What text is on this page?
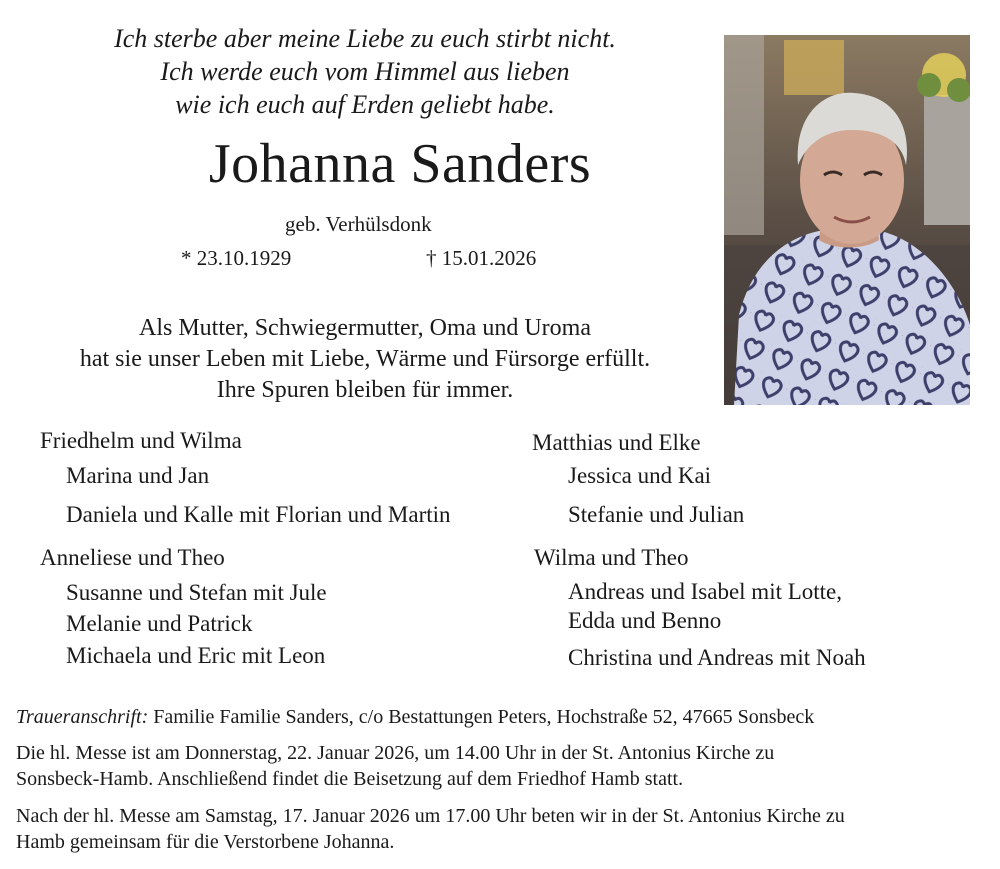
Ich sterbe aber meine Liebe zu euch stirbt nicht.
Ich werde euch vom Himmel aus lieben
wie ich euch auf Erden geliebt habe.
Johanna Sanders
geb. Verhülsdonk
* 23.10.1929	† 15.01.2026
Als Mutter, Schwiegermutter, Oma und Uroma
hat sie unser Leben mit Liebe, Wärme und Fürsorge erfüllt.
Ihre Spuren bleiben für immer.
Friedhelm und Wilma
Marina und Jan
Daniela und Kalle mit Florian und Martin
Matthias und Elke
Jessica und Kai
Stefanie und Julian
Anneliese und Theo
Susanne und Stefan mit Jule
Melanie und Patrick
Michaela und Eric mit Leon
Wilma und Theo
Andreas und Isabel mit Lotte,
Edda und Benno
Christina und Andreas mit Noah
Traueranschrift: Familie Familie Sanders, c/o Bestattungen Peters, Hochstraße 52, 47665 Sonsbeck
Die hl. Messe ist am Donnerstag, 22. Januar 2026, um 14.00 Uhr in der St. Antonius Kirche zu
Sonsbeck-Hamb. Anschließend findet die Beisetzung auf dem Friedhof Hamb statt.
Nach der hl. Messe am Samstag, 17. Januar 2026 um 17.00 Uhr beten wir in der St. Antonius Kirche zu
Hamb gemeinsam für die Verstorbene Johanna.
